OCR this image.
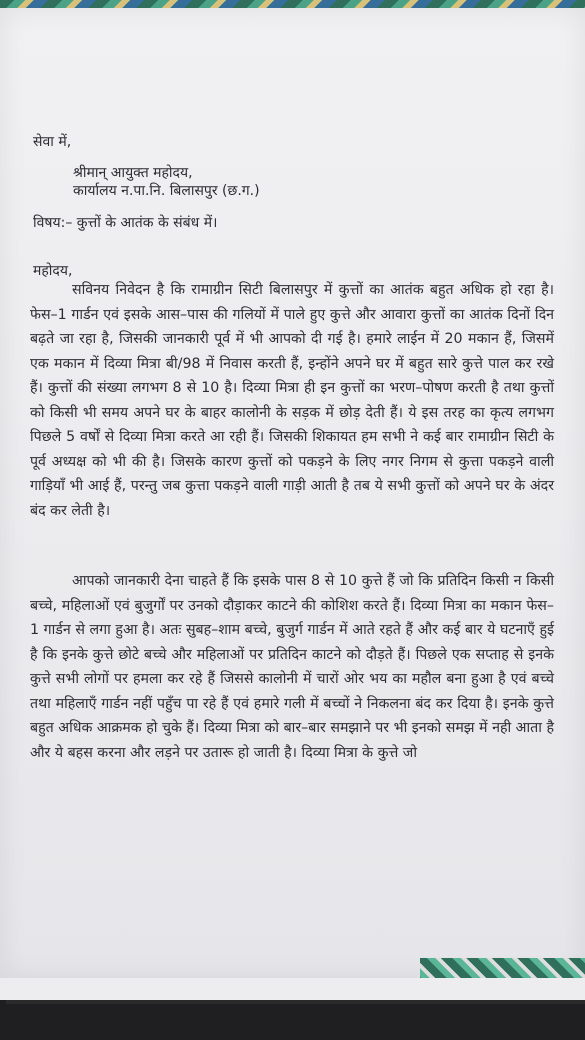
सेवा में,
श्रीमान् आयुक्त महोदय,
कार्यालय न.पा.नि. बिलासपुर (छ.ग.)
विषय:– कुत्तों के आतंक के संबंध में।
महोदय,

सविनय निवेदन है कि रामाग्रीन सिटी बिलासपुर में कुत्तों का आतंक बहुत अधिक हो रहा है। फेस–1 गार्डन एवं इसके आस–पास की गलियों में पाले हुए कुत्ते और आवारा कुत्तों का आतंक दिनों दिन बढ़ते जा रहा है, जिसकी जानकारी पूर्व में भी आपको दी गई है। हमारे लाईन में 20 मकान हैं, जिसमें एक मकान में दिव्या मित्रा बी/98 में निवास करती हैं, इन्होंने अपने घर में बहुत सारे कुत्ते पाल कर रखे हैं। कुत्तों की संख्या लगभग 8 से 10 है। दिव्या मित्रा ही इन कुत्तों का भरण–पोषण करती है तथा कुत्तों को किसी भी समय अपने घर के बाहर कालोनी के सड़क में छोड़ देती हैं। ये इस तरह का कृत्य लगभग पिछले 5 वर्षों से दिव्या मित्रा करते आ रही हैं। जिसकी शिकायत हम सभी ने कई बार रामाग्रीन सिटी के पूर्व अध्यक्ष को भी की है। जिसके कारण कुत्तों को पकड़ने के लिए नगर निगम से कुत्ता पकड़ने वाली गाड़ियाँ भी आई हैं, परन्तु जब कुत्ता पकड़ने वाली गाड़ी आती है तब ये सभी कुत्तों को अपने घर के अंदर बंद कर लेती है।

आपको जानकारी देना चाहते हैं कि इसके पास 8 से 10 कुत्ते हैं जो कि प्रतिदिन किसी न किसी बच्चे, महिलाओं एवं बुजुर्गों पर उनको दौड़ाकर काटने की कोशिश करते हैं। दिव्या मित्रा का मकान फेस–1 गार्डन से लगा हुआ है। अतः सुबह–शाम बच्चे, बुजुर्ग गार्डन में आते रहते हैं और कई बार ये घटनाएँ हुई है कि इनके कुत्ते छोटे बच्चे और महिलाओं पर प्रतिदिन काटने को दौड़ते हैं। पिछले एक सप्ताह से इनके कुत्ते सभी लोगों पर हमला कर रहे हैं जिससे कालोनी में चारों ओर भय का महौल बना हुआ है एवं बच्चे तथा महिलाएँ गार्डन नहीं पहुँच पा रहे हैं एवं हमारे गली में बच्चों ने निकलना बंद कर दिया है। इनके कुत्ते बहुत अधिक आक्रमक हो चुके हैं। दिव्या मित्रा को बार–बार समझाने पर भी इनको समझ में नही आता है और ये बहस करना और लड़ने पर उतारू हो जाती है। दिव्या मित्रा के कुत्ते जो
